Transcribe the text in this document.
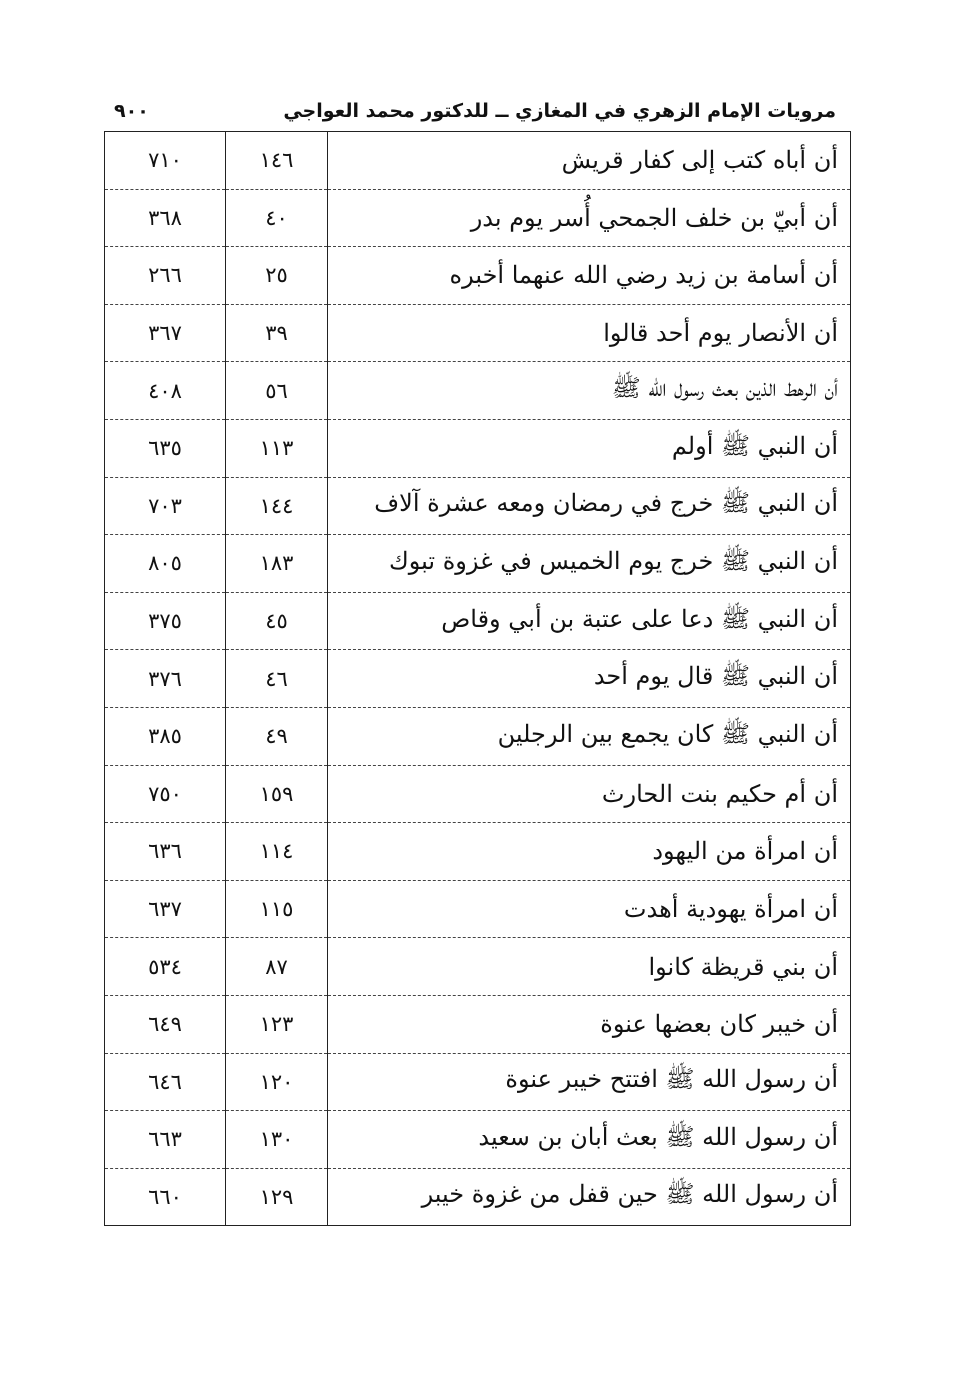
مرويات الإمام الزهري في المغازي ــ للدكتور محمد العواجي
٩٠٠
أن أباه كتب إلى كفار قريش	١٤٦	٧١٠
أن أبيّ بن خلف الجمحي أُسر يوم بدر	٤٠	٣٦٨
أن أسامة بن زيد رضي الله عنهما أخبره	٢٥	٢٦٦
أن الأنصار يوم أحد قالوا	٣٩	٣٦٧
أن الرهط الذين بعث رسول الله ﷺ	٥٦	٤٠٨
أن النبي ﷺ أولم	١١٣	٦٣٥
أن النبي ﷺ خرج في رمضان ومعه عشرة آلاف	١٤٤	٧٠٣
أن النبي ﷺ خرج يوم الخميس في غزوة تبوك	١٨٣	٨٠٥
أن النبي ﷺ دعا على عتبة بن أبي وقاص	٤٥	٣٧٥
أن النبي ﷺ قال يوم أحد	٤٦	٣٧٦
أن النبي ﷺ كان يجمع بين الرجلين	٤٩	٣٨٥
أن أم حكيم بنت الحارث	١٥٩	٧٥٠
أن امرأة من اليهود	١١٤	٦٣٦
أن امرأة يهودية أهدت	١١٥	٦٣٧
أن بني قريظة كانوا	٨٧	٥٣٤
أن خيبر كان بعضها عنوة	١٢٣	٦٤٩
أن رسول الله ﷺ افتتح خيبر عنوة	١٢٠	٦٤٦
أن رسول الله ﷺ بعث أبان بن سعيد	١٣٠	٦٦٣
أن رسول الله ﷺ حين قفل من غزوة خيبر	١٢٩	٦٦٠
